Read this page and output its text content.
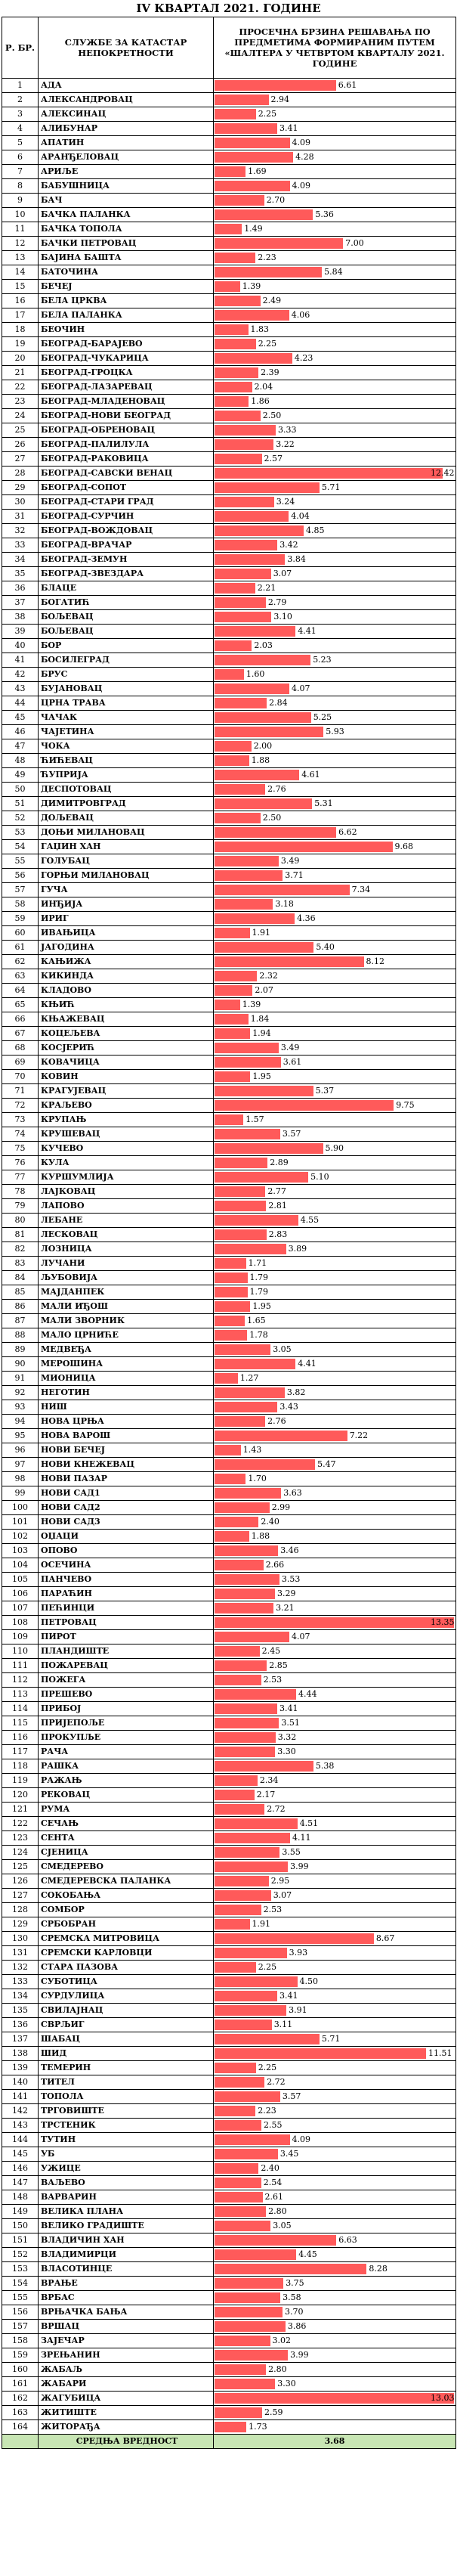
IV КВАРТАЛ 2021. ГОДИНЕ
Р. БР.	СЛУЖБЕ ЗА КАТАСТАР НЕПОКРЕТНОСТИ	ПРОСЕЧНА БРЗИНА РЕШАВАЊА ПО ПРЕДМЕТИМА ФОРМИРАНИМ ПУТЕМ «ШАЛТЕРА У ЧЕТВРТОМ КВАРТАЛУ 2021. ГОДИНЕ
1	АДА	6.61

2	АЛЕКСАНДРОВАЦ	2.94

3	АЛЕКСИНАЦ	2.25

4	АЛИБУНАР	3.41

5	АПАТИН	4.09

6	АРАНЂЕЛОВАЦ	4.28

7	АРИЉЕ	1.69

8	БАБУШНИЦА	4.09

9	БАЧ	2.70

10	БАЧКА ПАЛАНКА	5.36

11	БАЧКА ТОПОЛА	1.49

12	БАЧКИ ПЕТРОВАЦ	7.00

13	БАЈИНА БАШТА	2.23

14	БАТОЧИНА	5.84

15	БЕЧЕЈ	1.39

16	БЕЛА ЦРКВА	2.49

17	БЕЛА ПАЛАНКА	4.06

18	БЕОЧИН	1.83

19	БЕОГРАД-БАРАЈЕВО	2.25

20	БЕОГРАД-ЧУКАРИЦА	4.23

21	БЕОГРАД-ГРОЦКА	2.39

22	БЕОГРАД-ЛАЗАРЕВАЦ	2.04

23	БЕОГРАД-МЛАДЕНОВАЦ	1.86

24	БЕОГРАД-НОВИ БЕОГРАД	2.50

25	БЕОГРАД-ОБРЕНОВАЦ	3.33

26	БЕОГРАД-ПАЛИЛУЛА	3.22

27	БЕОГРАД-РАКОВИЦА	2.57

28	БЕОГРАД-САВСКИ ВЕНАЦ	12.42

29	БЕОГРАД-СОПОТ	5.71

30	БЕОГРАД-СТАРИ ГРАД	3.24

31	БЕОГРАД-СУРЧИН	4.04

32	БЕОГРАД-ВОЖДОВАЦ	4.85

33	БЕОГРАД-ВРАЧАР	3.42

34	БЕОГРАД-ЗЕМУН	3.84

35	БЕОГРАД-ЗВЕЗДАРА	3.07

36	БЛАЦЕ	2.21

37	БОГАТИЋ	2.79

38	БОЉЕВАЦ	3.10

39	БОЉЕВАЦ	4.41

40	БОР	2.03

41	БОСИЛЕГРАД	5.23

42	БРУС	1.60

43	БУЈАНОВАЦ	4.07

44	ЦРНА ТРАВА	2.84

45	ЧАЧАК	5.25

46	ЧАЈЕТИНА	5.93

47	ЧОКА	2.00

48	ЋИЋЕВАЦ	1.88

49	ЋУПРИЈА	4.61

50	ДЕСПОТОВАЦ	2.76

51	ДИМИТРОВГРАД	5.31

52	ДОЉЕВАЦ	2.50

53	ДОЊИ МИЛАНОВАЦ	6.62

54	ГАЏИН ХАН	9.68

55	ГОЛУБАЦ	3.49

56	ГОРЊИ МИЛАНОВАЦ	3.71

57	ГУЧА	7.34

58	ИНЂИЈА	3.18

59	ИРИГ	4.36

60	ИВАЊИЦА	1.91

61	ЈАГОДИНА	5.40

62	КАЊИЖА	8.12

63	КИКИНДА	2.32

64	КЛАДОВО	2.07

65	КЊИЋ	1.39

66	КЊАЖЕВАЦ	1.84

67	КОЦЕЉЕВА	1.94

68	КОСЈЕРИЋ	3.49

69	КОВАЧИЦА	3.61

70	КОВИН	1.95

71	КРАГУЈЕВАЦ	5.37

72	КРАЉЕВО	9.75

73	КРУПАЊ	1.57

74	КРУШЕВАЦ	3.57

75	КУЧЕВО	5.90

76	КУЛА	2.89

77	КУРШУМЛИЈА	5.10

78	ЛАЈКОВАЦ	2.77

79	ЛАПОВО	2.81

80	ЛЕБАНЕ	4.55

81	ЛЕСКОВАЦ	2.83

82	ЛОЗНИЦА	3.89

83	ЛУЧАНИ	1.71

84	ЉУБОВИЈА	1.79

85	МАЈДАНПЕК	1.79

86	МАЛИ ИЂОШ	1.95

87	МАЛИ ЗВОРНИК	1.65

88	МАЛО ЦРНИЋЕ	1.78

89	МЕДВЕЂА	3.05

90	МЕРОШИНА	4.41

91	МИОНИЦА	1.27

92	НЕГОТИН	3.82

93	НИШ	3.43

94	НОВА ЦРЊА	2.76

95	НОВА ВАРОШ	7.22

96	НОВИ БЕЧЕЈ	1.43

97	НОВИ КНЕЖЕВАЦ	5.47

98	НОВИ ПАЗАР	1.70

99	НОВИ САД1	3.63

100	НОВИ САД2	2.99

101	НОВИ САД3	2.40

102	ОЏАЦИ	1.88

103	ОПОВО	3.46

104	ОСЕЧИНА	2.66

105	ПАНЧЕВО	3.53

106	ПАРАЋИН	3.29

107	ПЕЋИНЦИ	3.21

108	ПЕТРОВАЦ	13.35

109	ПИРОТ	4.07

110	ПЛАНДИШТЕ	2.45

111	ПОЖАРЕВАЦ	2.85

112	ПОЖЕГА	2.53

113	ПРЕШЕВО	4.44

114	ПРИБОЈ	3.41

115	ПРИЈЕПОЉЕ	3.51

116	ПРОКУПЉЕ	3.32

117	РАЧА	3.30

118	РАШКА	5.38

119	РАЖАЊ	2.34

120	РЕКОВАЦ	2.17

121	РУМА	2.72

122	СЕЧАЊ	4.51

123	СЕНТА	4.11

124	СЈЕНИЦА	3.55

125	СМЕДЕРЕВО	3.99

126	СМЕДЕРЕВСКА ПАЛАНКА	2.95

127	СОКОБАЊА	3.07

128	СОМБОР	2.53

129	СРБОБРАН	1.91

130	СРЕМСКА МИТРОВИЦА	8.67

131	СРЕМСКИ КАРЛОВЦИ	3.93

132	СТАРА ПАЗОВА	2.25

133	СУБОТИЦА	4.50

134	СУРДУЛИЦА	3.41

135	СВИЛАЈНАЦ	3.91

136	СВРЉИГ	3.11

137	ШАБАЦ	5.71

138	ШИД	11.51

139	ТЕМЕРИН	2.25

140	ТИТЕЛ	2.72

141	ТОПОЛА	3.57

142	ТРГОВИШТЕ	2.23

143	ТРСТЕНИК	2.55

144	ТУТИН	4.09

145	УБ	3.45

146	УЖИЦЕ	2.40

147	ВАЉЕВО	2.54

148	ВАРВАРИН	2.61

149	ВЕЛИКА ПЛАНА	2.80

150	ВЕЛИКО ГРАДИШТЕ	3.05

151	ВЛАДИЧИН ХАН	6.63

152	ВЛАДИМИРЦИ	4.45

153	ВЛАСОТИНЦЕ	8.28

154	ВРАЊЕ	3.75

155	ВРБАС	3.58

156	ВРЊАЧКА БАЊА	3.70

157	ВРШАЦ	3.86

158	ЗАЈЕЧАР	3.02

159	ЗРЕЊАНИН	3.99

160	ЖАБАЉ	2.80

161	ЖАБАРИ	3.30

162	ЖАГУБИЦА	13.03

163	ЖИТИШТЕ	2.59

164	ЖИТОРАЂА	1.73

	СРЕДЊА ВРЕДНОСТ	3.68
